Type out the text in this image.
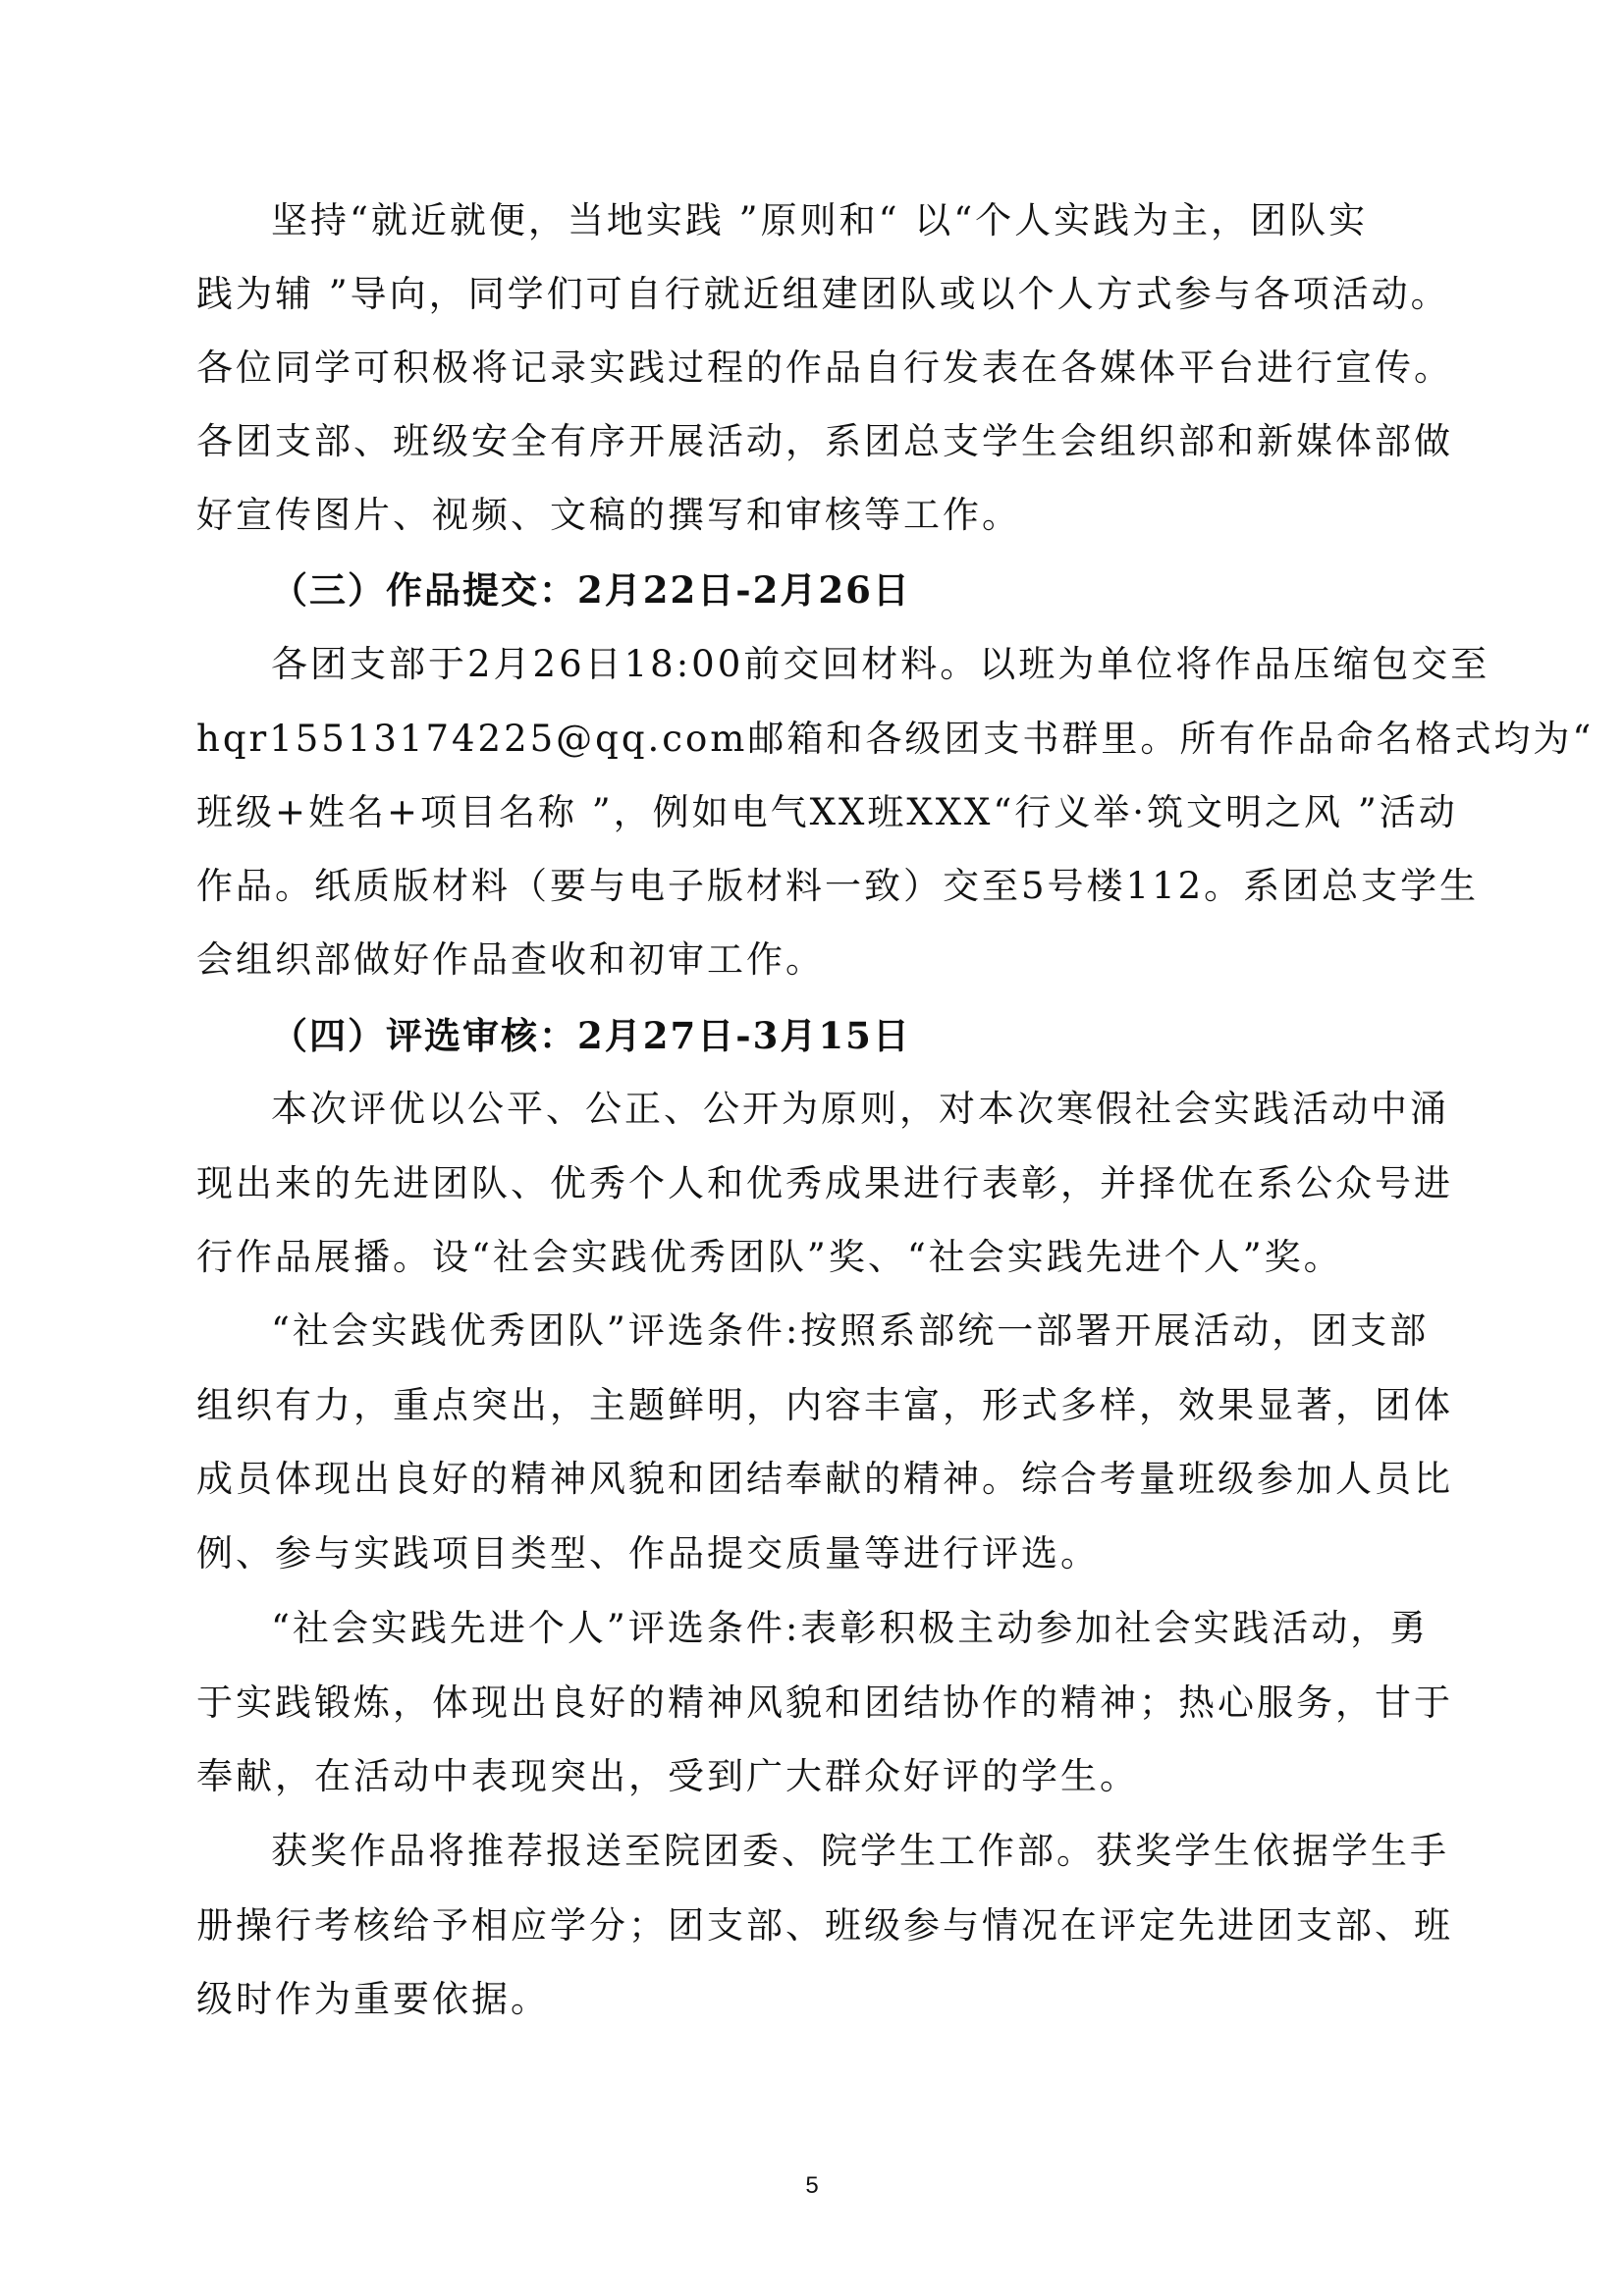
坚持“就近就便，当地实践 ”原则和“ 以“个人实践为主，团队实
践为辅 ”导向，同学们可自行就近组建团队或以个人方式参与各项活动。
各位同学可积极将记录实践过程的作品自行发表在各媒体平台进行宣传。
各团支部、班级安全有序开展活动，系团总支学生会组织部和新媒体部做
好宣传图片、视频、文稿的撰写和审核等工作。
（三）作品提交：2月22日-2月26日
各团支部于2月26日18:00前交回材料。以班为单位将作品压缩包交至
hqr15513174225@qq.com邮箱和各级团支书群里。所有作品命名格式均为“
班级+姓名+项目名称 ”，例如电气XX班XXX“行义举·筑文明之风 ”活动
作品。纸质版材料（要与电子版材料一致）交至5号楼112。系团总支学生
会组织部做好作品查收和初审工作。
（四）评选审核：2月27日-3月15日
本次评优以公平、公正、公开为原则，对本次寒假社会实践活动中涌
现出来的先进团队、优秀个人和优秀成果进行表彰，并择优在系公众号进
行作品展播。设“社会实践优秀团队”奖、“社会实践先进个人”奖。
“社会实践优秀团队”评选条件:按照系部统一部署开展活动，团支部
组织有力，重点突出，主题鲜明，内容丰富，形式多样，效果显著，团体
成员体现出良好的精神风貌和团结奉献的精神。综合考量班级参加人员比
例、参与实践项目类型、作品提交质量等进行评选。
“社会实践先进个人”评选条件:表彰积极主动参加社会实践活动，勇
于实践锻炼，体现出良好的精神风貌和团结协作的精神；热心服务，甘于
奉献，在活动中表现突出，受到广大群众好评的学生。
获奖作品将推荐报送至院团委、院学生工作部。获奖学生依据学生手
册操行考核给予相应学分；团支部、班级参与情况在评定先进团支部、班
级时作为重要依据。
5
